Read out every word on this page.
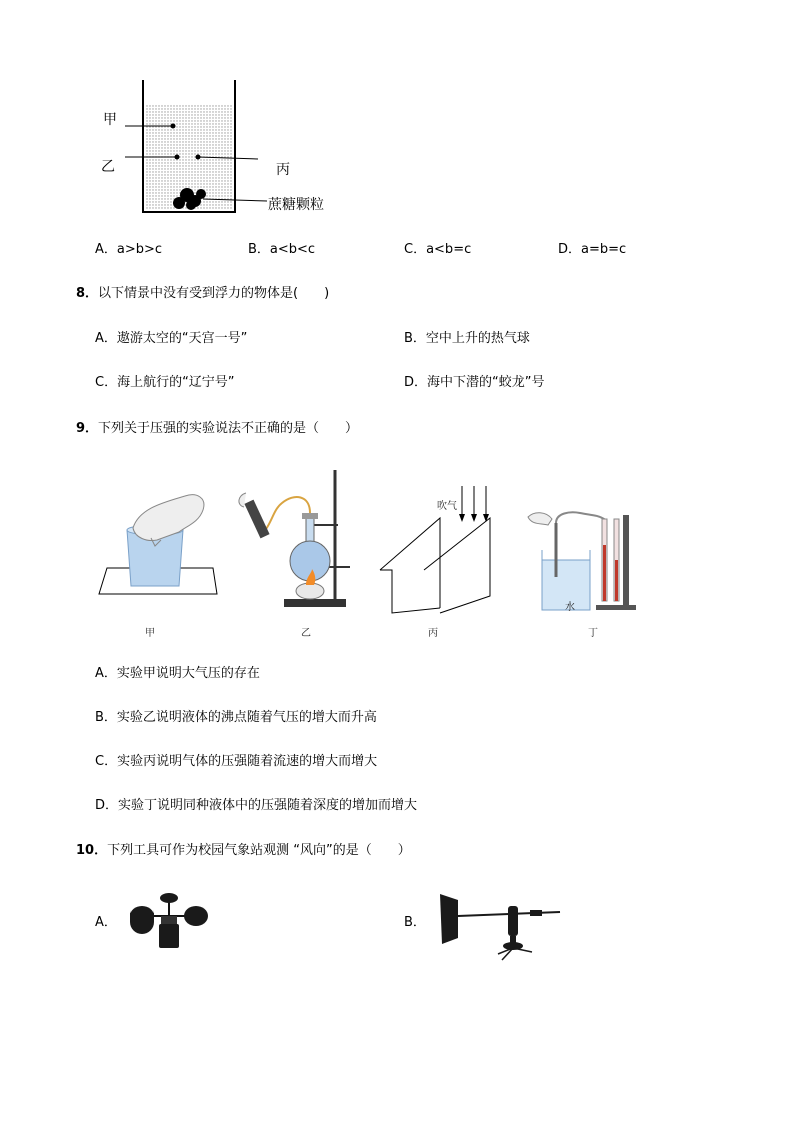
甲
乙	丙
蔗糖颗粒
A．a>b>c	B．a<b<c	C．a<b=c	D．a=b=c
8．以下情景中没有受到浮力的物体是(　　)
A．遨游太空的“天宫一号”	B．空中上升的热气球
C．海上航行的“辽宁号”	D．海中下潜的“蛟龙”号
9．下列关于压强的实验说法不正确的是（　　）
甲	乙
吹气
丙
水
丁
A．实验甲说明大气压的存在
B．实验乙说明液体的沸点随着气压的增大而升高
C．实验丙说明气体的压强随着流速的增大而增大
D．实验丁说明同种液体中的压强随着深度的增加而增大
10．下列工具可作为校园气象站观测 “风向”的是（　　）
A．	B．
